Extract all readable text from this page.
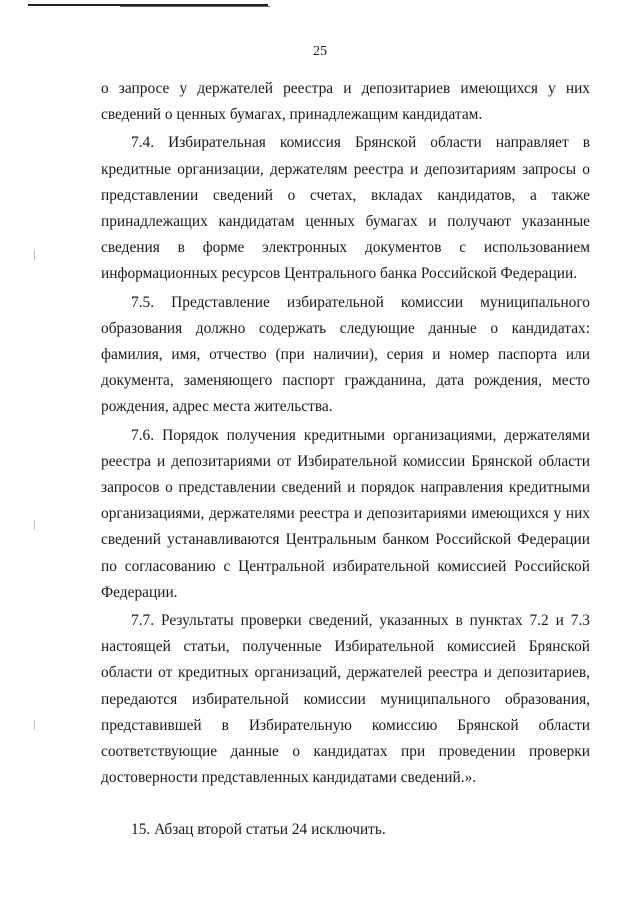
25

о запросе у держателей реестра и депозитариев имеющихся у них сведений о ценных бумагах, принадлежащим кандидатам.

7.4. Избирательная комиссия Брянской области направляет в кредитные организации, держателям реестра и депозитариям запросы о представлении сведений о счетах, вкладах кандидатов, а также принадлежащих кандидатам ценных бумагах и получают указанные сведения в форме электронных документов с использованием информационных ресурсов Центрального банка Российской Федерации.

7.5. Представление избирательной комиссии муниципального образования должно содержать следующие данные о кандидатах: фамилия, имя, отчество (при наличии), серия и номер паспорта или документа, заменяющего паспорт гражданина, дата рождения, место рождения, адрес места жительства.

7.6. Порядок получения кредитными организациями, держателями реестра и депозитариями от Избирательной комиссии Брянской области запросов о представлении сведений и порядок направления кредитными организациями, держателями реестра и депозитариями имеющихся у них сведений устанавливаются Центральным банком Российской Федерации по согласованию с Центральной избирательной комиссией Российской Федерации.

7.7. Результаты проверки сведений, указанных в пунктах 7.2 и 7.3 настоящей статьи, полученные Избирательной комиссией Брянской области от кредитных организаций, держателей реестра и депозитариев, передаются избирательной комиссии муниципального образования, представившей в Избирательную комиссию Брянской области соответствующие данные о кандидатах при проведении проверки достоверности представленных кандидатами сведений.».

15. Абзац второй статьи 24 исключить.
